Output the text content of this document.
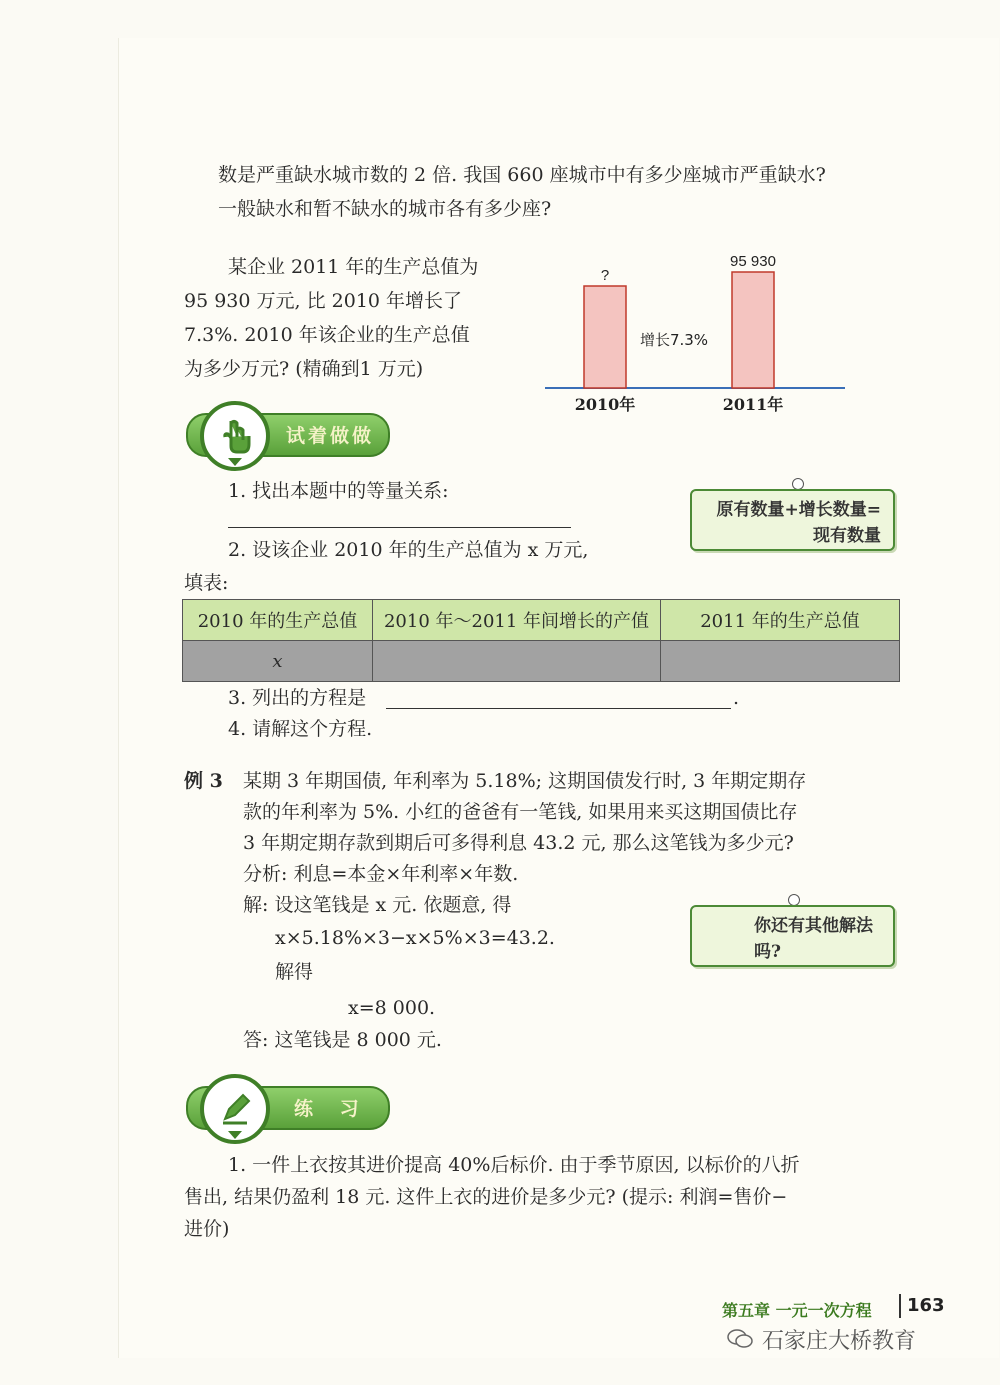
数是严重缺水城市数的 2 倍. 我国 660 座城市中有多少座城市严重缺水?
一般缺水和暂不缺水的城市各有多少座?
某企业 2011 年的生产总值为
95 930 万元, 比 2010 年增长了
7.3%. 2010 年该企业的生产总值
为多少万元? (精确到1 万元)
?
2010年
95 930
2011年
增长7.3%
试着做做
1. 找出本题中的等量关系:
2. 设该企业 2010 年的生产总值为 x 万元,
填表:
原有数量+增长数量=现有数量
2010 年的生产总值	2010 年～2011 年间增长的产值	2011 年的生产总值
x		
3. 列出的方程是	.
4. 请解这个方程.
例 3 某期 3 年期国债, 年利率为 5.18%; 这期国债发行时, 3 年期定期存
款的年利率为 5%. 小红的爸爸有一笔钱, 如果用来买这期国债比存
3 年期定期存款到期后可多得利息 43.2 元, 那么这笔钱为多少元?
分析: 利息=本金×年利率×年数.
解: 设这笔钱是 x 元. 依题意, 得
x×5.18%×3−x×5%×3=43.2.
解得
x=8 000.
答: 这笔钱是 8 000 元.
你还有其他解法吗?
练 习
1. 一件上衣按其进价提高 40%后标价. 由于季节原因, 以标价的八折
售出, 结果仍盈利 18 元. 这件上衣的进价是多少元? (提示: 利润=售价−
进价)
第五章 一元一次方程 163
石家庄大桥教育
